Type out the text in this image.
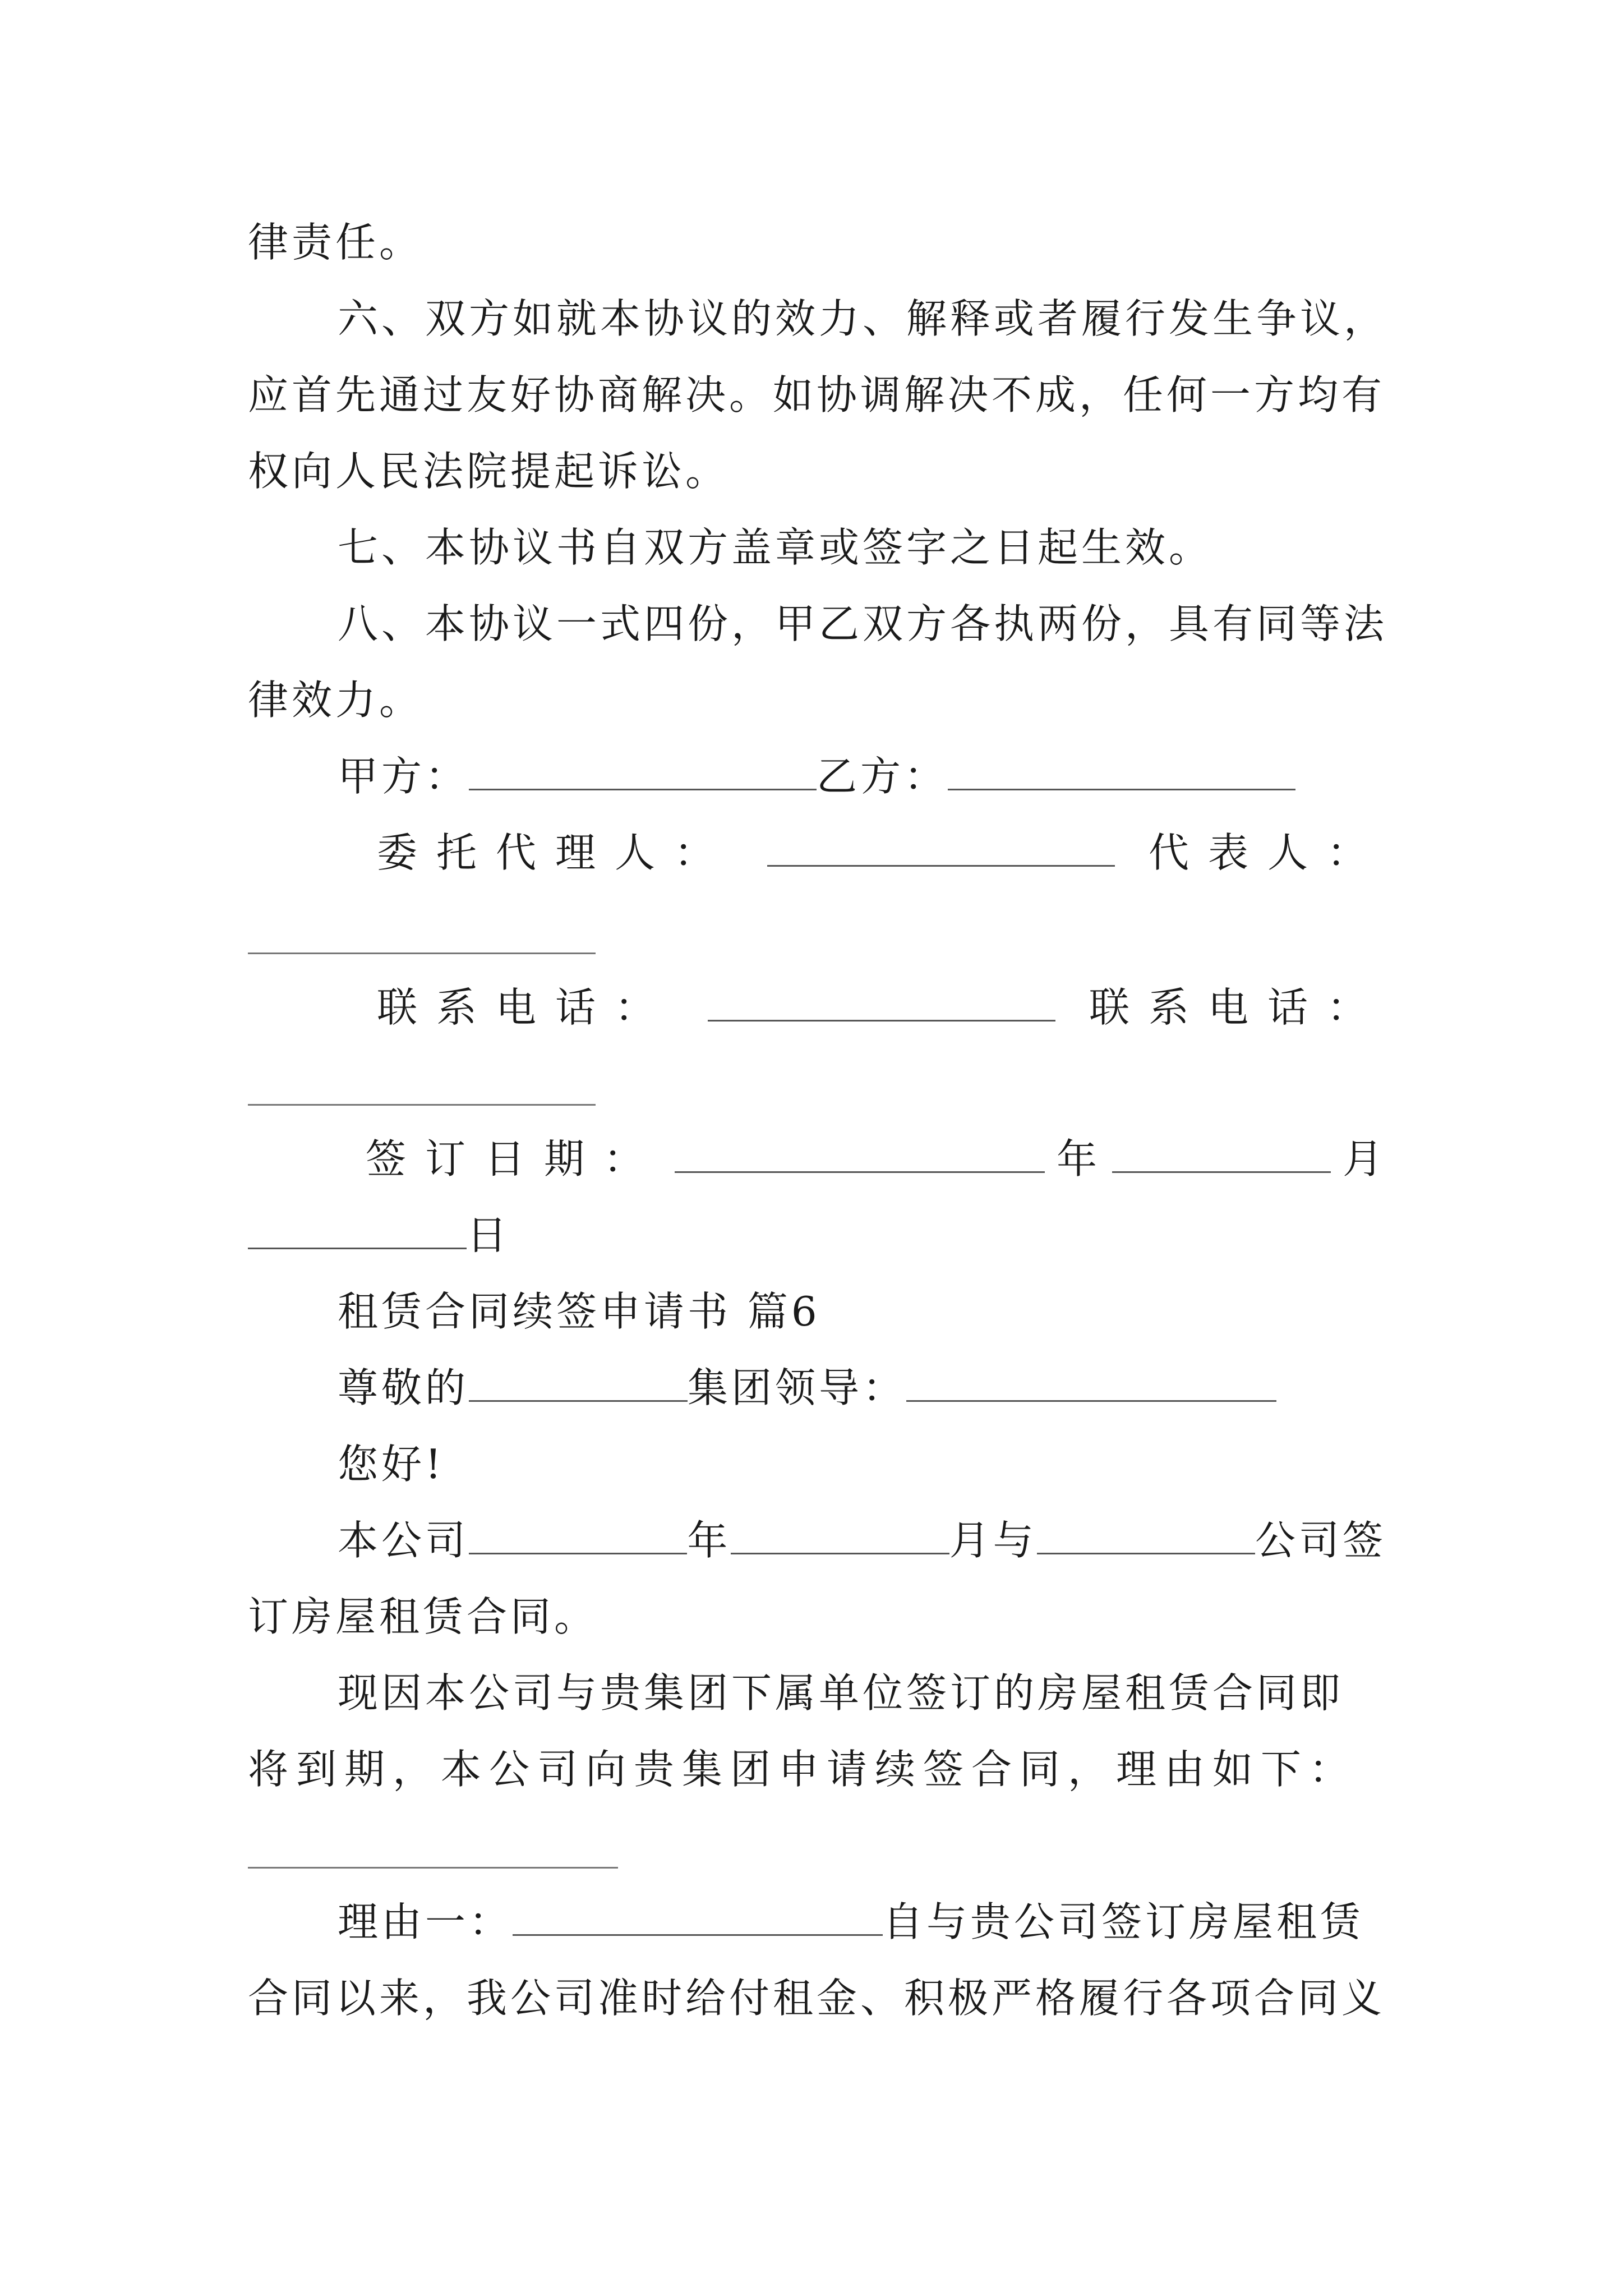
律责任。
六、双方如就本协议的效力、解释或者履行发生争议，
应首先通过友好协商解决。如协调解决不成，任何一方均有
权向人民法院提起诉讼。
七、本协议书自双方盖章或签字之日起生效。
八、本协议一式四份，甲乙双方各执两份，具有同等法
律效力。
甲方：	乙方：
委托代理人：	代表人：
联系电话：	联系电话：
签订日期：	年	月
日
租赁合同续签申请书 篇6
尊敬的	集团领导：
您好!
本公司	年	月与	公司签
订房屋租赁合同。
现因本公司与贵集团下属单位签订的房屋租赁合同即
将到期，本公司向贵集团申请续签合同，理由如下：
理由一：	自与贵公司签订房屋租赁
合同以来，我公司准时给付租金、积极严格履行各项合同义
